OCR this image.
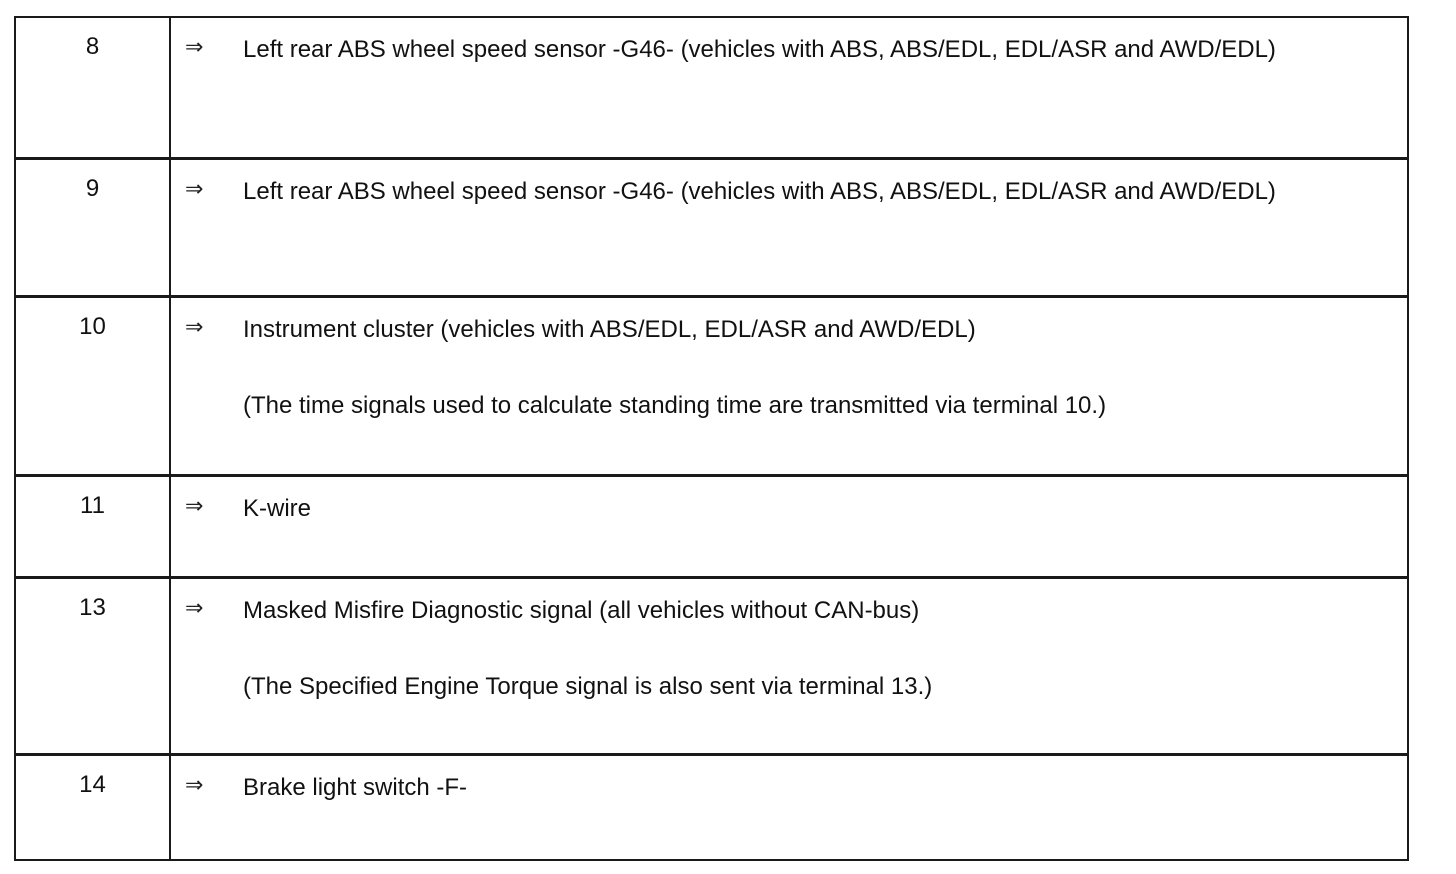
8	⇒ Left rear ABS wheel speed sensor -G46- (vehicles with ABS, ABS/EDL, EDL/ASR and AWD/EDL)

9	⇒ Left rear ABS wheel speed sensor -G46- (vehicles with ABS, ABS/EDL, EDL/ASR and AWD/EDL)

10	⇒ Instrument cluster (vehicles with ABS/EDL, EDL/ASR and AWD/EDL)

(The time signals used to calculate standing time are transmitted via terminal 10.)

11	⇒ K-wire

13	⇒ Masked Misfire Diagnostic signal (all vehicles without CAN-bus)

(The Specified Engine Torque signal is also sent via terminal 13.)

14	⇒ Brake light switch -F-
